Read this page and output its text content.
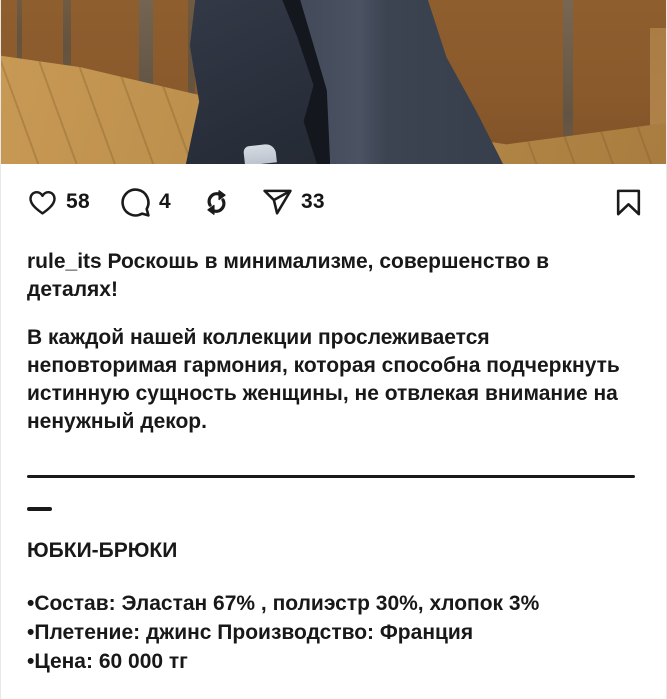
58	4	33

rule_its Роскошь в минимализме, совершенство в деталях!

В каждой нашей коллекции прослеживается неповторимая гармония, которая способна подчеркнуть истинную сущность женщины, не отвлекая внимание на ненужный декор.

ЮБКИ-БРЮКИ

•Состав: Эластан 67% , полиэстр 30%, хлопок 3%

•Плетение: джинс Производство: Франция

•Цена: 60 000 тг
